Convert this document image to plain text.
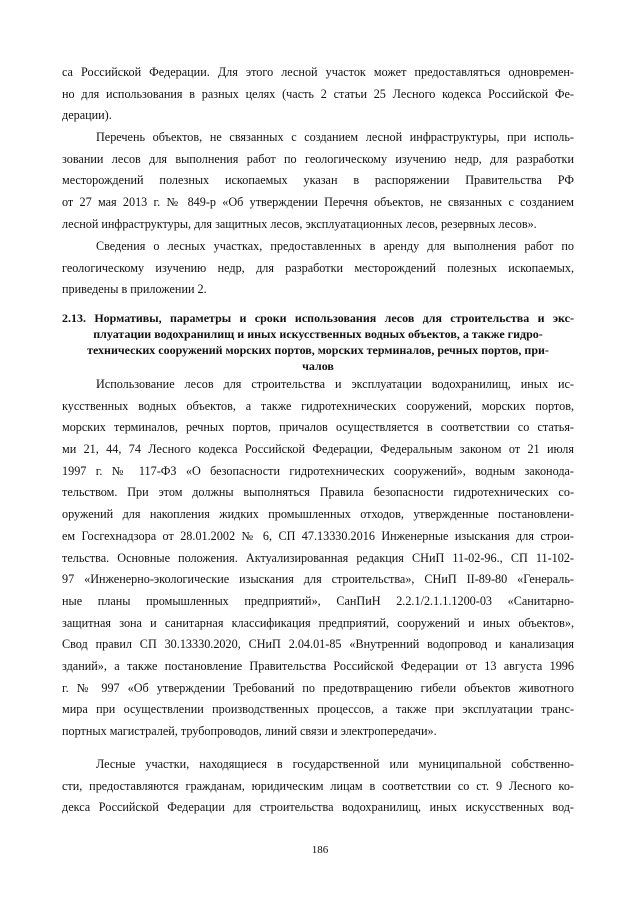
са Российской Федерации. Для этого лесной участок может предоставляться одновремен-
но для использования в разных целях (часть 2 статьи 25 Лесного кодекса Российской Фе-
дерации).
Перечень объектов, не связанных с созданием лесной инфраструктуры, при исполь-
зовании лесов для выполнения работ по геологическому изучению недр, для разработки
месторождений полезных ископаемых указан в распоряжении Правительства РФ
от 27 мая 2013 г. № 849-р «Об утверждении Перечня объектов, не связанных с созданием
лесной инфраструктуры, для защитных лесов, эксплуатационных лесов, резервных лесов».
Сведения о лесных участках, предоставленных в аренду для выполнения работ по
геологическому изучению недр, для разработки месторождений полезных ископаемых,
приведены в приложении 2.
2.13. Нормативы, параметры и сроки использования лесов для строительства и экс-
плуатации водохранилищ и иных искусственных водных объектов, а также гидро-
технических сооружений морских портов, морских терминалов, речных портов, при-
чалов
Использование лесов для строительства и эксплуатации водохранилищ, иных ис-
кусственных водных объектов, а также гидротехнических сооружений, морских портов,
морских терминалов, речных портов, причалов осуществляется в соответствии со статья-
ми 21, 44, 74 Лесного кодекса Российской Федерации, Федеральным законом от 21 июля
1997 г. № 117-ФЗ «О безопасности гидротехнических сооружений», водным законода-
тельством. При этом должны выполняться Правила безопасности гидротехнических со-
оружений для накопления жидких промышленных отходов, утвержденные постановлени-
ем Госгехнадзора от 28.01.2002 № 6, СП 47.13330.2016 Инженерные изыскания для строи-
тельства. Основные положения. Актуализированная редакция СНиП 11-02-96., СП 11-102-
97 «Инженерно-экологические изыскания для строительства», СНиП II-89-80 «Генераль-
ные планы промышленных предприятий», СанПиН 2.2.1/2.1.1.1200-03 «Санитарно-
защитная зона и санитарная классификация предприятий, сооружений и иных объектов»,
Свод правил СП 30.13330.2020, СНиП 2.04.01-85 «Внутренний водопровод и канализация
зданий», а также постановление Правительства Российской Федерации от 13 августа 1996
г. № 997 «Об утверждении Требований по предотвращению гибели объектов животного
мира при осуществлении производственных процессов, а также при эксплуатации транс-
портных магистралей, трубопроводов, линий связи и электропередачи».
Лесные участки, находящиеся в государственной или муниципальной собственно-
сти, предоставляются гражданам, юридическим лицам в соответствии со ст. 9 Лесного ко-
декса Российской Федерации для строительства водохранилищ, иных искусственных вод-
186
